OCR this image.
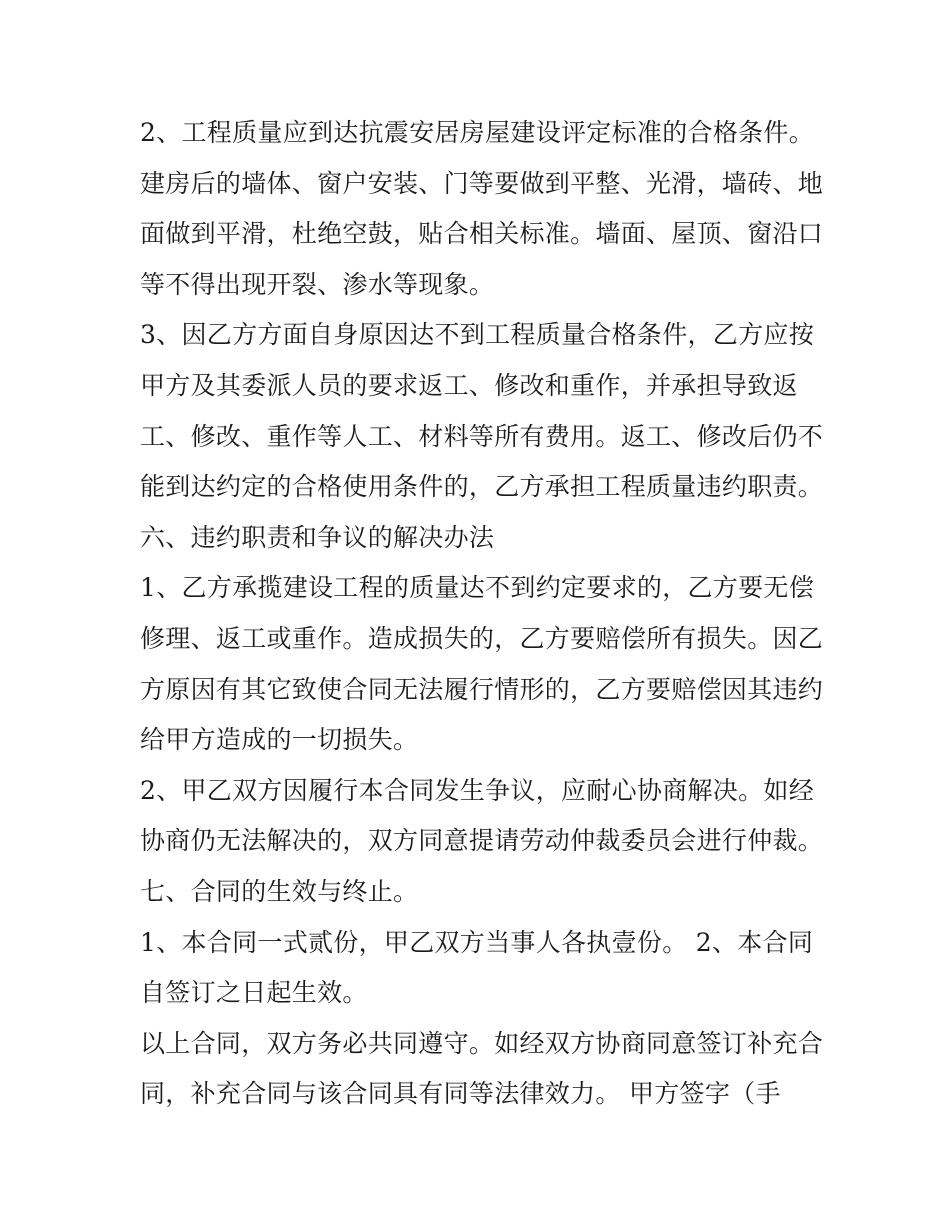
2、工程质量应到达抗震安居房屋建设评定标准的合格条件。
建房后的墙体、窗户安装、门等要做到平整、光滑，墙砖、地
面做到平滑，杜绝空鼓，贴合相关标准。墙面、屋顶、窗沿口
等不得出现开裂、渗水等现象。
3、因乙方方面自身原因达不到工程质量合格条件，乙方应按
甲方及其委派人员的要求返工、修改和重作，并承担导致返
工、修改、重作等人工、材料等所有费用。返工、修改后仍不
能到达约定的合格使用条件的，乙方承担工程质量违约职责。
六、违约职责和争议的解决办法
1、乙方承揽建设工程的质量达不到约定要求的，乙方要无偿
修理、返工或重作。造成损失的，乙方要赔偿所有损失。因乙
方原因有其它致使合同无法履行情形的，乙方要赔偿因其违约
给甲方造成的一切损失。
2、甲乙双方因履行本合同发生争议，应耐心协商解决。如经
协商仍无法解决的，双方同意提请劳动仲裁委员会进行仲裁。
七、合同的生效与终止。
1、本合同一式贰份，甲乙双方当事人各执壹份。 2、本合同
自签订之日起生效。
以上合同，双方务必共同遵守。如经双方协商同意签订补充合
同，补充合同与该合同具有同等法律效力。 甲方签字（手
